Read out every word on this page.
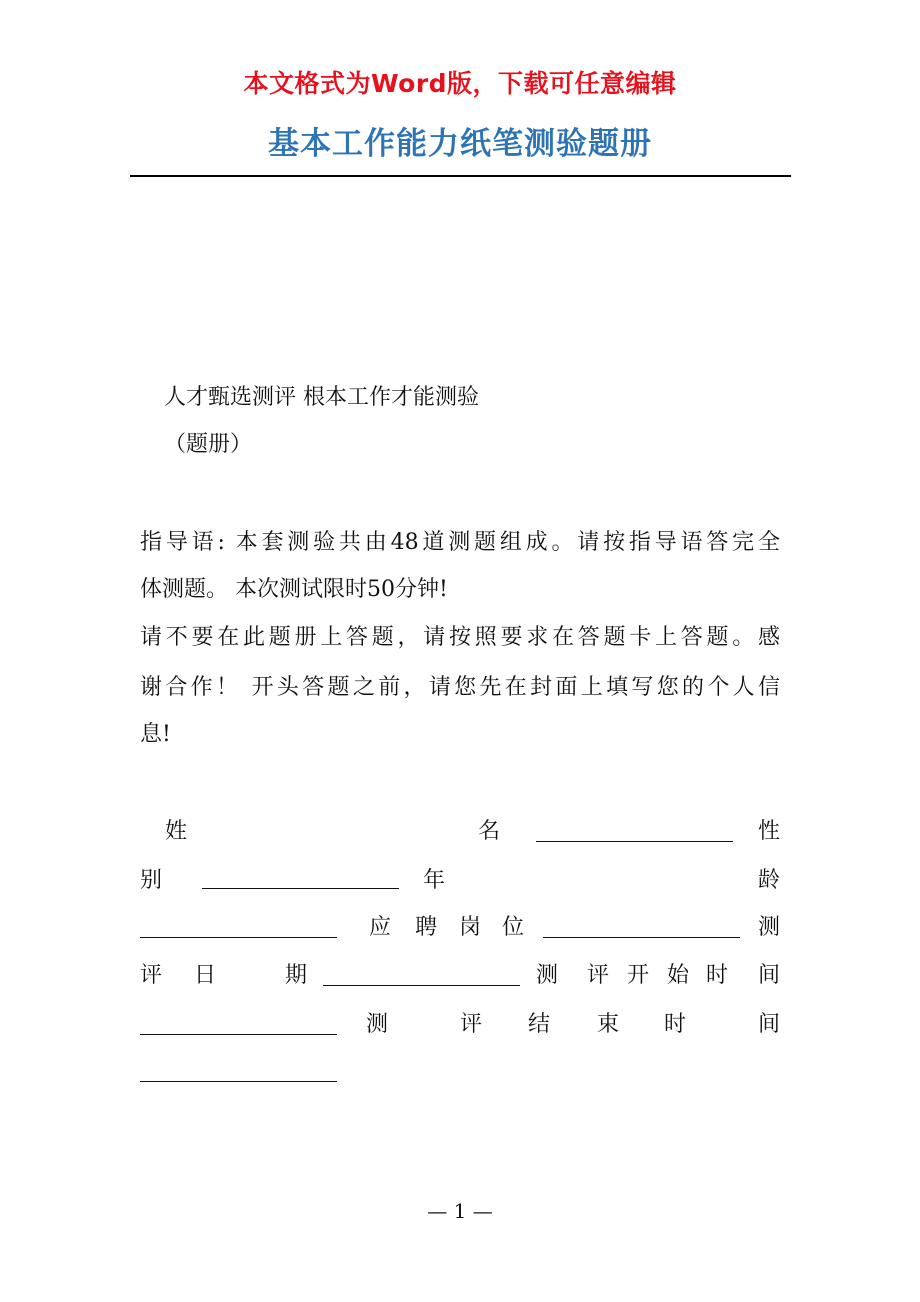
本文格式为Word版，下载可任意编辑
基本工作能力纸笔测验题册
人才甄选测评 根本工作才能测验
（题册）
指导语: 本套测验共由48道测题组成。请按指导语答完全
体测题。 本次测试限时50分钟!
请不要在此题册上答题，请按照要求在答题卡上答题。感
谢合作！ 开头答题之前，请您先在封面上填写您的个人信
息!
姓	名	性
别	年	龄
应 聘 岗 位	测
评 日	期	测 评 开 始 时 间
测	评 结 束 时	间
— 1 —
